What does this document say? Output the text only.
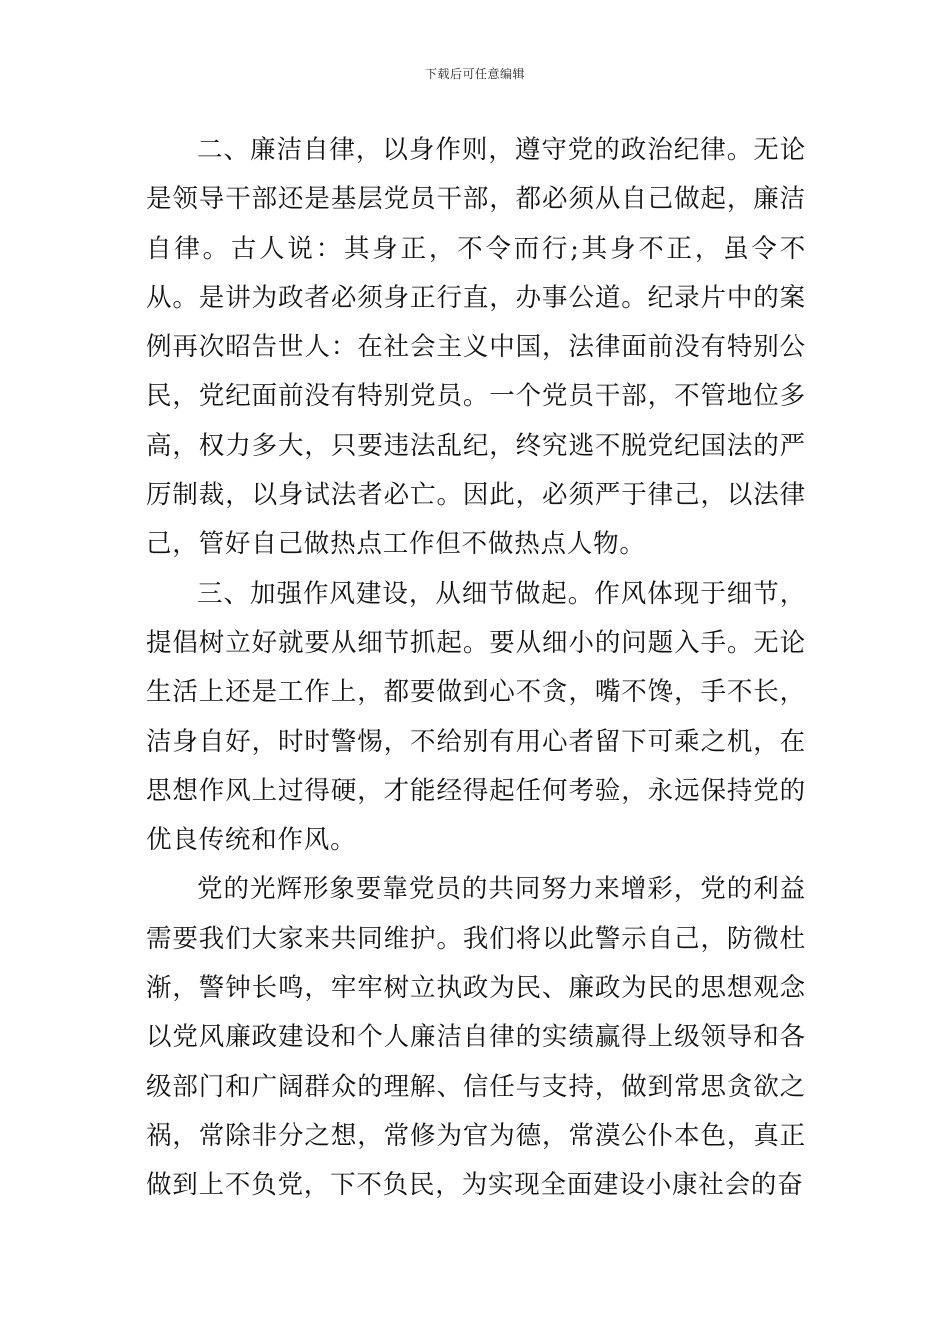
下载后可任意编辑

二、廉洁自律，以身作则，遵守党的政治纪律。无论是领导干部还是基层党员干部，都必须从自己做起，廉洁自律。古人说：其身正，不令而行;其身不正，虽令不从。是讲为政者必须身正行直，办事公道。纪录片中的案例再次昭告世人：在社会主义中国，法律面前没有特别公民，党纪面前没有特别党员。一个党员干部，不管地位多高，权力多大，只要违法乱纪，终究逃不脱党纪国法的严厉制裁，以身试法者必亡。因此，必须严于律己，以法律己，管好自己做热点工作但不做热点人物。

三、加强作风建设，从细节做起。作风体现于细节，提倡树立好就要从细节抓起。要从细小的问题入手。无论生活上还是工作上，都要做到心不贪，嘴不馋，手不长，洁身自好，时时警惕，不给别有用心者留下可乘之机，在思想作风上过得硬，才能经得起任何考验，永远保持党的优良传统和作风。

党的光辉形象要靠党员的共同努力来增彩，党的利益需要我们大家来共同维护。我们将以此警示自己，防微杜渐，警钟长鸣，牢牢树立执政为民、廉政为民的思想观念以党风廉政建设和个人廉洁自律的实绩赢得上级领导和各级部门和广阔群众的理解、信任与支持，做到常思贪欲之祸，常除非分之想，常修为官为德，常漠公仆本色，真正做到上不负党，下不负民，为实现全面建设小康社会的奋
